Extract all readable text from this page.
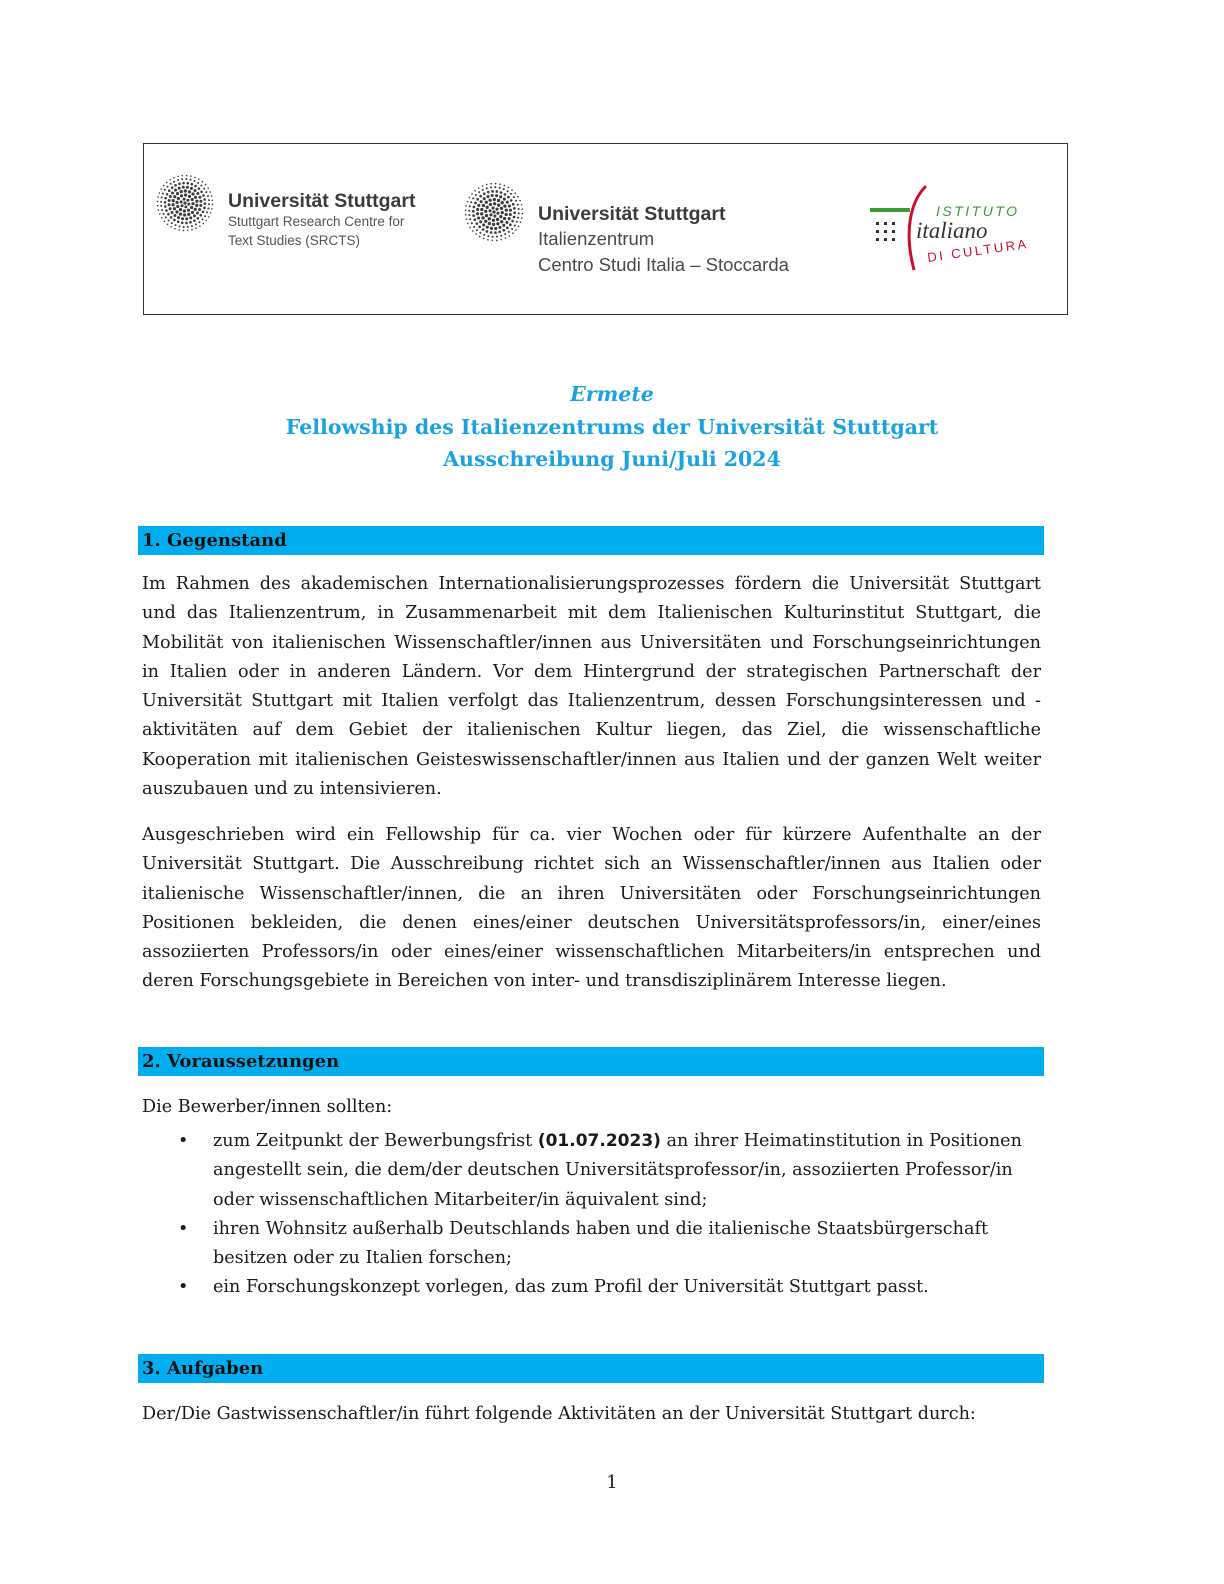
Universität Stuttgart
Stuttgart Research Centre for
Text Studies (SRCTS)
Universität Stuttgart
Italienzentrum
Centro Studi Italia – Stoccarda
ISTITUTO
italiano
DI CULTURA
Ermete
Fellowship des Italienzentrums der Universität Stuttgart
Ausschreibung Juni/Juli 2024
1. Gegenstand
Im Rahmen des akademischen Internationalisierungsprozesses fördern die Universität Stuttgart und das Italienzentrum, in Zusammenarbeit mit dem Italienischen Kulturinstitut Stuttgart, die Mobilität von italienischen Wissenschaftler/innen aus Universitäten und Forschungseinrichtungen in Italien oder in anderen Ländern. Vor dem Hintergrund der strategischen Partnerschaft der Universität Stuttgart mit Italien verfolgt das Italienzentrum, dessen Forschungsinteressen und -aktivitäten auf dem Gebiet der italienischen Kultur liegen, das Ziel, die wissenschaftliche Kooperation mit italienischen Geisteswissenschaftler/innen aus Italien und der ganzen Welt weiter auszubauen und zu intensivieren.
Ausgeschrieben wird ein Fellowship für ca. vier Wochen oder für kürzere Aufenthalte an der Universität Stuttgart. Die Ausschreibung richtet sich an Wissenschaftler/innen aus Italien oder italienische Wissenschaftler/innen, die an ihren Universitäten oder Forschungseinrichtungen Positionen bekleiden, die denen eines/einer deutschen Universitätsprofessors/in, einer/eines assoziierten Professors/in oder eines/einer wissenschaftlichen Mitarbeiters/in entsprechen und deren Forschungsgebiete in Bereichen von inter- und transdisziplinärem Interesse liegen.
2. Voraussetzungen
Die Bewerber/innen sollten:
• zum Zeitpunkt der Bewerbungsfrist (01.07.2023) an ihrer Heimatinstitution in Positionen angestellt sein, die dem/der deutschen Universitätsprofessor/in, assoziierten Professor/in oder wissenschaftlichen Mitarbeiter/in äquivalent sind;
• ihren Wohnsitz außerhalb Deutschlands haben und die italienische Staatsbürgerschaft besitzen oder zu Italien forschen;
• ein Forschungskonzept vorlegen, das zum Profil der Universität Stuttgart passt.
3. Aufgaben
Der/Die Gastwissenschaftler/in führt folgende Aktivitäten an der Universität Stuttgart durch:
1
